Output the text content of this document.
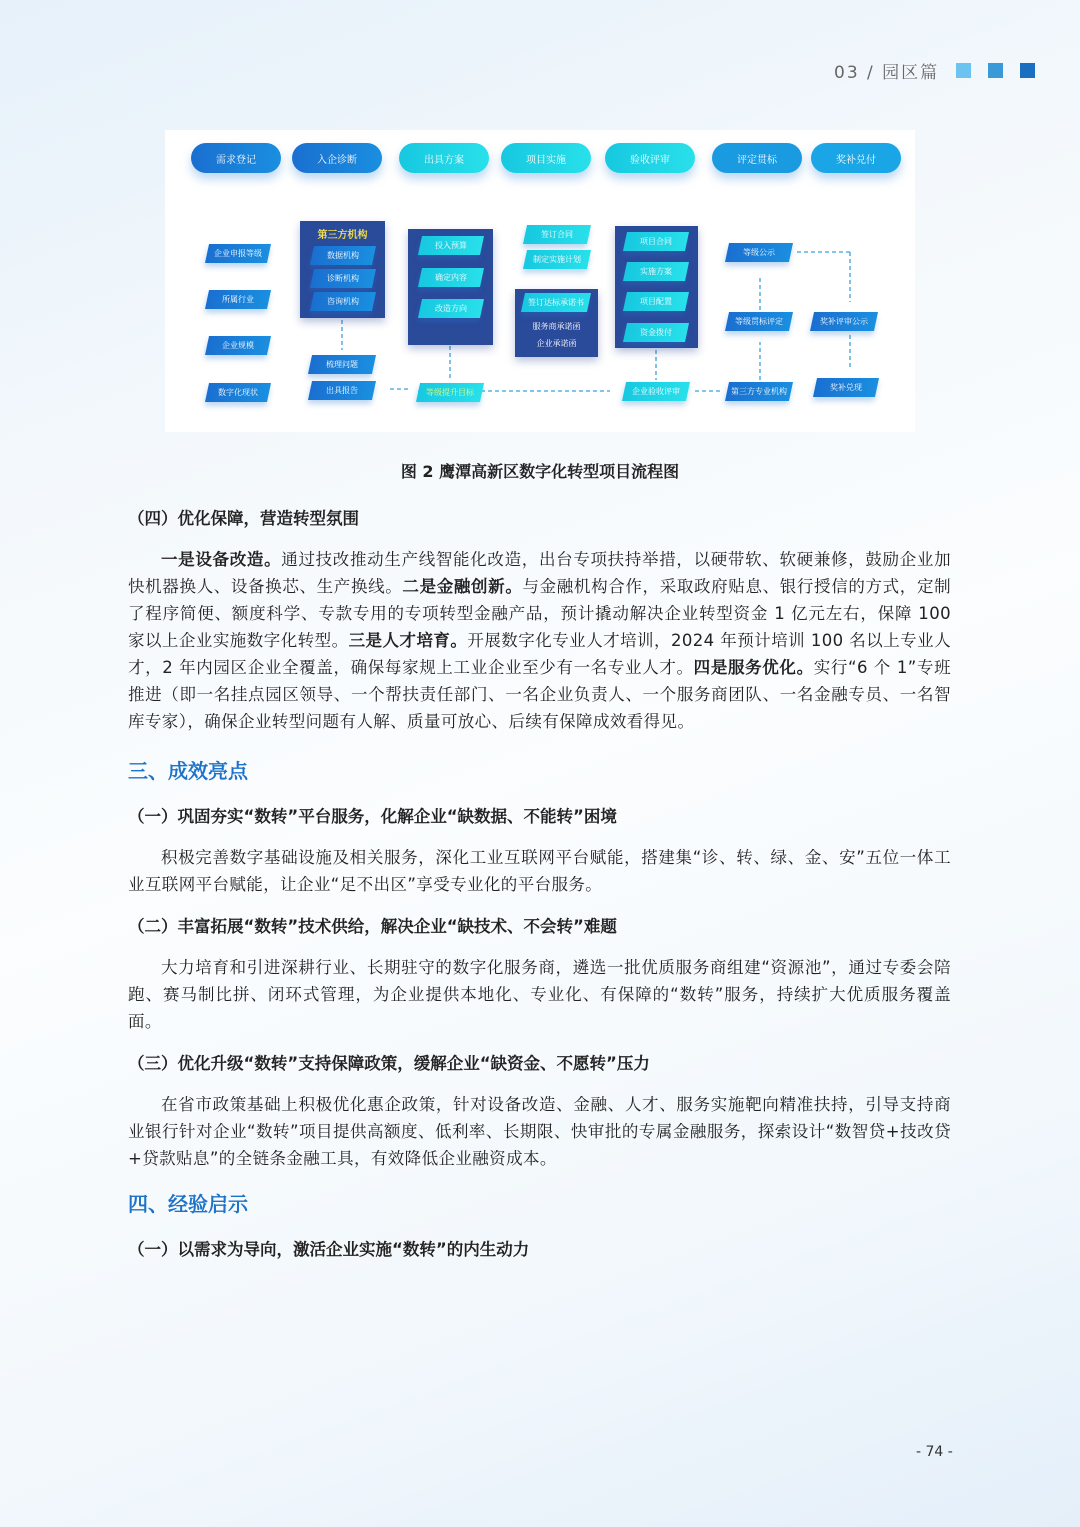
03 / 园区篇
需求登记	入企诊断	出具方案	项目实施	验收评审	评定贯标	奖补兑付
企业申报等级
所属行业
企业规模
数字化现状
第三方机构
数据机构
诊断机构
咨询机构
梳理问题
出具报告
投入预算
确定内容
改造方向
等级提升目标
签订合同
制定实施计划
签订达标承诺书
服务商承诺函
企业承诺函
项目合同
实施方案
项目配置
资金拨付
企业验收评审	第三方专业机构
等级贯标评定
等级公示
奖补评审公示
奖补兑现
图 2 鹰潭高新区数字化转型项目流程图
（四）优化保障，营造转型氛围
一是设备改造。通过技改推动生产线智能化改造，出台专项扶持举措，以硬带软、软硬兼修，鼓励企业加快机器换人、设备换芯、生产换线。二是金融创新。与金融机构合作，采取政府贴息、银行授信的方式，定制了程序简便、额度科学、专款专用的专项转型金融产品，预计撬动解决企业转型资金 1 亿元左右，保障 100 家以上企业实施数字化转型。三是人才培育。开展数字化专业人才培训，2024 年预计培训 100 名以上专业人才，2 年内园区企业全覆盖，确保每家规上工业企业至少有一名专业人才。四是服务优化。实行“6 个 1”专班推进（即一名挂点园区领导、一个帮扶责任部门、一名企业负责人、一个服务商团队、一名金融专员、一名智库专家），确保企业转型问题有人解、质量可放心、后续有保障成效看得见。
三、成效亮点
（一）巩固夯实“数转”平台服务，化解企业“缺数据、不能转”困境
积极完善数字基础设施及相关服务，深化工业互联网平台赋能，搭建集“诊、转、绿、金、安”五位一体工业互联网平台赋能，让企业“足不出区”享受专业化的平台服务。
（二）丰富拓展“数转”技术供给，解决企业“缺技术、不会转”难题
大力培育和引进深耕行业、长期驻守的数字化服务商，遴选一批优质服务商组建“资源池”，通过专委会陪跑、赛马制比拼、闭环式管理，为企业提供本地化、专业化、有保障的“数转”服务，持续扩大优质服务覆盖面。
（三）优化升级“数转”支持保障政策，缓解企业“缺资金、不愿转”压力
在省市政策基础上积极优化惠企政策，针对设备改造、金融、人才、服务实施靶向精准扶持，引导支持商业银行针对企业“数转”项目提供高额度、低利率、长期限、快审批的专属金融服务，探索设计“数智贷+技改贷+贷款贴息”的全链条金融工具，有效降低企业融资成本。
四、经验启示
（一）以需求为导向，激活企业实施“数转”的内生动力
- 74 -
